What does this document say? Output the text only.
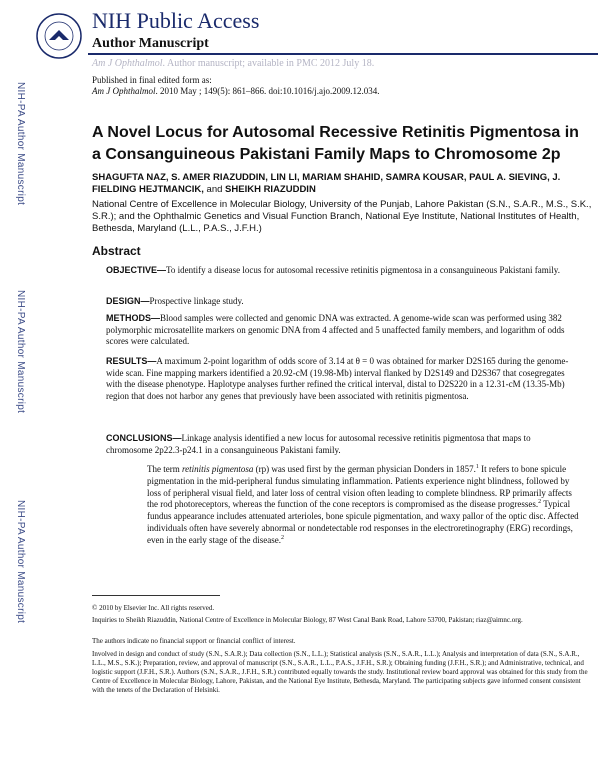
NIH Public Access
Author Manuscript
Am J Ophthalmol. Author manuscript; available in PMC 2012 July 18.
Published in final edited form as:
Am J Ophthalmol. 2010 May ; 149(5): 861–866. doi:10.1016/j.ajo.2009.12.034.
NIH-PA Author Manuscript
NIH-PA Author Manuscript
NIH-PA Author Manuscript
A Novel Locus for Autosomal Recessive Retinitis Pigmentosa in a Consanguineous Pakistani Family Maps to Chromosome 2p
SHAGUFTA NAZ, S. AMER RIAZUDDIN, LIN LI, MARIAM SHAHID, SAMRA KOUSAR, PAUL A. SIEVING, J. FIELDING HEJTMANCIK, and SHEIKH RIAZUDDIN
National Centre of Excellence in Molecular Biology, University of the Punjab, Lahore Pakistan (S.N., S.A.R., M.S., S.K., S.R.); and the Ophthalmic Genetics and Visual Function Branch, National Eye Institute, National Institutes of Health, Bethesda, Maryland (L.L., P.A.S., J.F.H.)
Abstract
OBJECTIVE—To identify a disease locus for autosomal recessive retinitis pigmentosa in a consanguineous Pakistani family.
DESIGN—Prospective linkage study.
METHODS—Blood samples were collected and genomic DNA was extracted. A genome-wide scan was performed using 382 polymorphic microsatellite markers on genomic DNA from 4 affected and 5 unaffected family members, and logarithm of odds scores were calculated.
RESULTS—A maximum 2-point logarithm of odds score of 3.14 at θ = 0 was obtained for marker D2S165 during the genome-wide scan. Fine mapping markers identified a 20.92-cM (19.98-Mb) interval flanked by D2S149 and D2S367 that cosegregates with the disease phenotype. Haplotype analyses further refined the critical interval, distal to D2S220 in a 12.31-cM (13.35-Mb) region that does not harbor any genes that previously have been associated with retinitis pigmentosa.
CONCLUSIONS—Linkage analysis identified a new locus for autosomal recessive retinitis pigmentosa that maps to chromosome 2p22.3-p24.1 in a consanguineous Pakistani family.
The term retinitis pigmentosa (rp) was used first by the german physician Donders in 1857.$^1$ It refers to bone spicule pigmentation in the mid-peripheral fundus simulating inflammation. Patients experience night blindness, followed by loss of peripheral visual field, and later loss of central vision often leading to complete blindness. RP primarily affects the rod photoreceptors, whereas the function of the cone receptors is compromised as the disease progresses.$^2$ Typical fundus appearance includes attenuated arterioles, bone spicule pigmentation, and waxy pallor of the optic disc. Affected individuals often have severely abnormal or nondetectable rod responses in the electroretinography (ERG) recordings, even in the early stage of the disease.$^2$
© 2010 by Elsevier Inc. All rights reserved.
Inquiries to Sheikh Riazuddin, National Centre of Excellence in Molecular Biology, 87 West Canal Bank Road, Lahore 53700, Pakistan; riaz@aimnc.org.
The authors indicate no financial support or financial conflict of interest.
Involved in design and conduct of study (S.N., S.A.R.); Data collection (S.N., L.L.); Statistical analysis (S.N., S.A.R., L.L.); Analysis and interpretation of data (S.N., S.A.R., L.L., M.S., S.K.); Preparation, review, and approval of manuscript (S.N., S.A.R., L.L., P.A.S., J.F.H., S.R.); Obtaining funding (J.F.H., S.R.); and Administrative, technical, and logistic support (J.F.H., S.R.). Authors (S.N., S.A.R., J.F.H., S.R.) contributed equally towards the study. Institutional review board approval was obtained for this study from the Centre of Excellence in Molecular Biology, Lahore, Pakistan, and the National Eye Institute, Bethesda, Maryland. The participating subjects gave informed consent consistent with the tenets of the Declaration of Helsinki.
